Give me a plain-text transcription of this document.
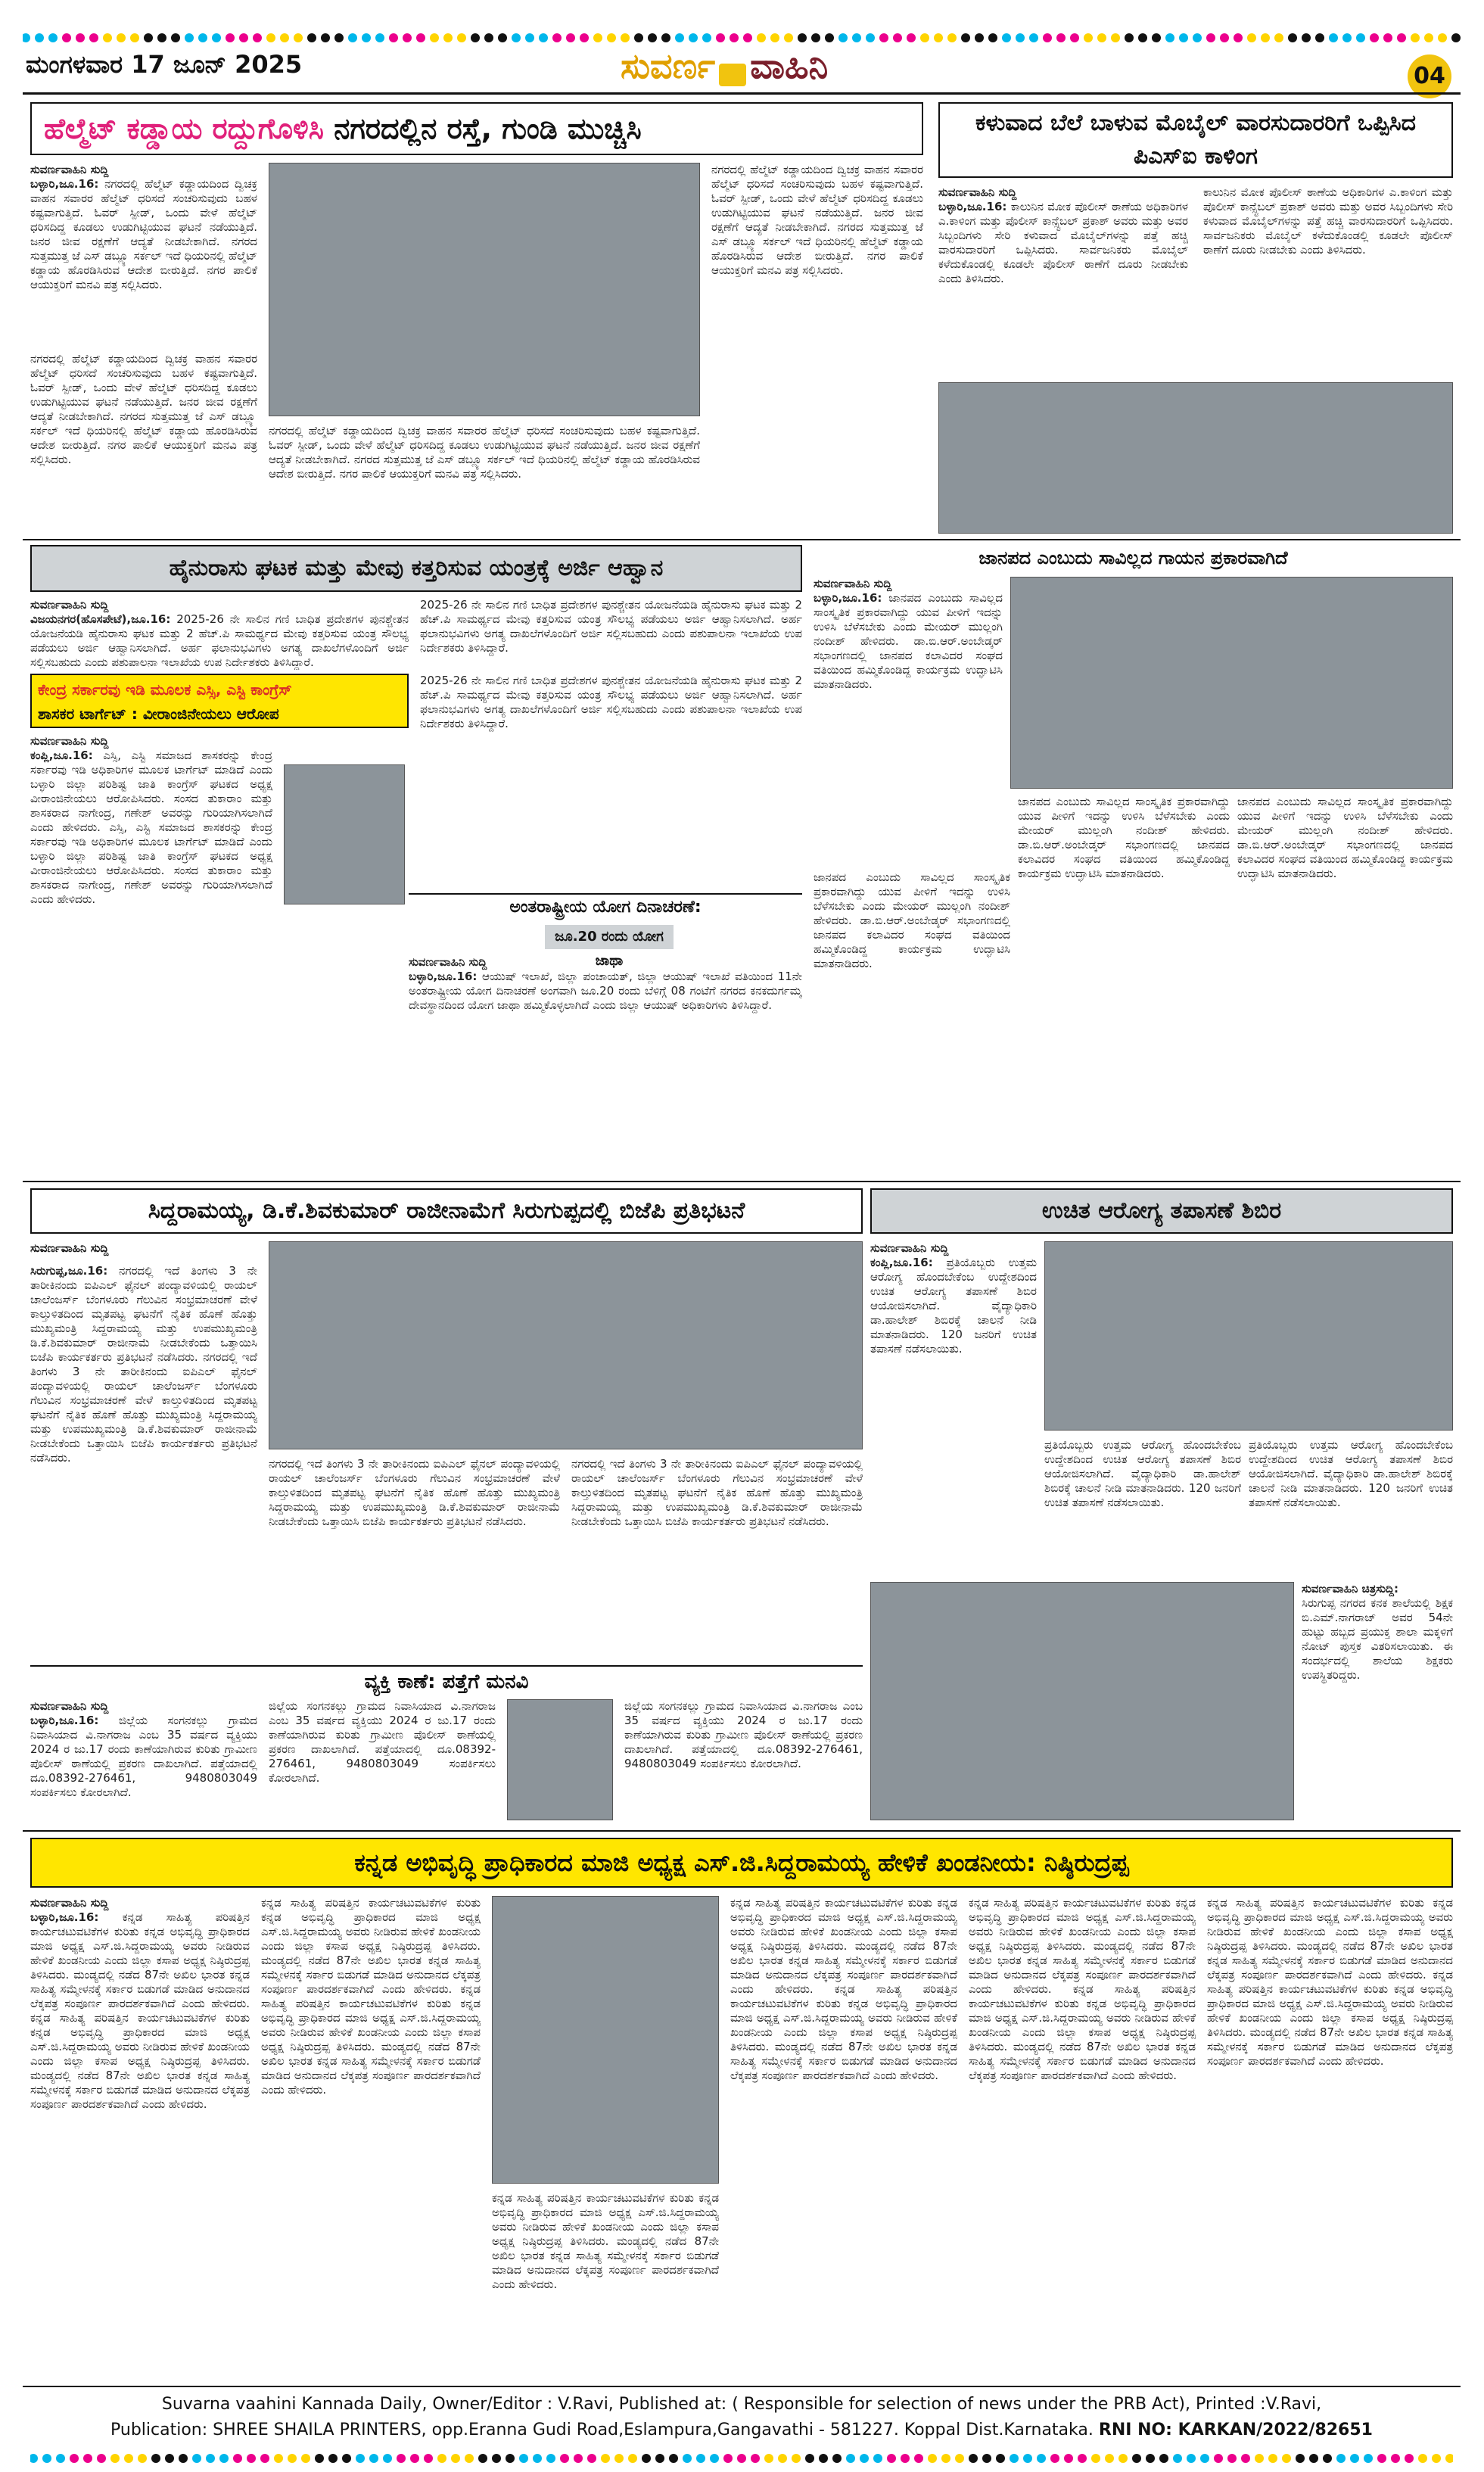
ಮಂಗಳವಾರ 17 ಜೂನ್ 2025	ಸುವರ್ಣ ವಾಹಿನಿ	04
ಹೆಲ್ಮೆಟ್ ಕಡ್ಡಾಯ ರದ್ದುಗೊಳಿಸಿ ನಗರದಲ್ಲಿನ ರಸ್ತೆ, ಗುಂಡಿ ಮುಚ್ಚಿಸಿ
ಸುವರ್ಣವಾಹಿನಿ ಸುದ್ದಿ
ಬಳ್ಳಾರಿ,ಜೂ.16: ನಗರದಲ್ಲಿ ಹೆಲ್ಮೆಟ್ ಕಡ್ಡಾಯದಿಂದ ದ್ವಿಚಕ್ರ ವಾಹನ ಸವಾರರ ಹೆಲ್ಮೆಟ್ ಧರಿಸದೆ ಸಂಚರಿಸುವುದು ಬಹಳ ಕಷ್ಟವಾಗುತ್ತಿದೆ. ಓವರ್ ಸ್ಪೀಡ್, ಒಂದು ವೇಳೆ ಹೆಲ್ಮೆಟ್ ಧರಿಸದಿದ್ದ ಕೂಡಲು ಉಡುಗಿಟ್ಟಿಯುವ ಘಟನೆ ನಡೆಯುತ್ತಿದೆ. ಜನರ ಜೀವ ರಕ್ಷಣೆಗೆ ಆದ್ಯತೆ ನೀಡಬೇಕಾಗಿದೆ. ನಗರದ ಸುತ್ತಮುತ್ತ ಜೆ ಎಸ್ ಡಬ್ಲ್ಯೂ ಸರ್ಕಲ್ ಇದೆ ಧಿಯರಿನಲ್ಲಿ ಹೆಲ್ಮೆಟ್ ಕಡ್ಡಾಯ ಹೊರಡಿಸಿರುವ ಆದೇಶ ಬೀರುತ್ತಿದೆ. ನಗರ ಪಾಲಿಕೆ ಆಯುಕ್ತರಿಗೆ ಮನವಿ ಪತ್ರ ಸಲ್ಲಿಸಿದರು.
ನಗರದಲ್ಲಿ ಹೆಲ್ಮೆಟ್ ಕಡ್ಡಾಯದಿಂದ ದ್ವಿಚಕ್ರ ವಾಹನ ಸವಾರರ ಹೆಲ್ಮೆಟ್ ಧರಿಸದೆ ಸಂಚರಿಸುವುದು ಬಹಳ ಕಷ್ಟವಾಗುತ್ತಿದೆ. ಓವರ್ ಸ್ಪೀಡ್, ಒಂದು ವೇಳೆ ಹೆಲ್ಮೆಟ್ ಧರಿಸದಿದ್ದ ಕೂಡಲು ಉಡುಗಿಟ್ಟಿಯುವ ಘಟನೆ ನಡೆಯುತ್ತಿದೆ. ಜನರ ಜೀವ ರಕ್ಷಣೆಗೆ ಆದ್ಯತೆ ನೀಡಬೇಕಾಗಿದೆ. ನಗರದ ಸುತ್ತಮುತ್ತ ಜೆ ಎಸ್ ಡಬ್ಲ್ಯೂ ಸರ್ಕಲ್ ಇದೆ ಧಿಯರಿನಲ್ಲಿ ಹೆಲ್ಮೆಟ್ ಕಡ್ಡಾಯ ಹೊರಡಿಸಿರುವ ಆದೇಶ ಬೀರುತ್ತಿದೆ. ನಗರ ಪಾಲಿಕೆ ಆಯುಕ್ತರಿಗೆ ಮನವಿ ಪತ್ರ ಸಲ್ಲಿಸಿದರು.
ನಗರದಲ್ಲಿ ಹೆಲ್ಮೆಟ್ ಕಡ್ಡಾಯದಿಂದ ದ್ವಿಚಕ್ರ ವಾಹನ ಸವಾರರ ಹೆಲ್ಮೆಟ್ ಧರಿಸದೆ ಸಂಚರಿಸುವುದು ಬಹಳ ಕಷ್ಟವಾಗುತ್ತಿದೆ. ಓವರ್ ಸ್ಪೀಡ್, ಒಂದು ವೇಳೆ ಹೆಲ್ಮೆಟ್ ಧರಿಸದಿದ್ದ ಕೂಡಲು ಉಡುಗಿಟ್ಟಿಯುವ ಘಟನೆ ನಡೆಯುತ್ತಿದೆ. ಜನರ ಜೀವ ರಕ್ಷಣೆಗೆ ಆದ್ಯತೆ ನೀಡಬೇಕಾಗಿದೆ. ನಗರದ ಸುತ್ತಮುತ್ತ ಜೆ ಎಸ್ ಡಬ್ಲ್ಯೂ ಸರ್ಕಲ್ ಇದೆ ಧಿಯರಿನಲ್ಲಿ ಹೆಲ್ಮೆಟ್ ಕಡ್ಡಾಯ ಹೊರಡಿಸಿರುವ ಆದೇಶ ಬೀರುತ್ತಿದೆ. ನಗರ ಪಾಲಿಕೆ ಆಯುಕ್ತರಿಗೆ ಮನವಿ ಪತ್ರ ಸಲ್ಲಿಸಿದರು.
ನಗರದಲ್ಲಿ ಹೆಲ್ಮೆಟ್ ಕಡ್ಡಾಯದಿಂದ ದ್ವಿಚಕ್ರ ವಾಹನ ಸವಾರರ ಹೆಲ್ಮೆಟ್ ಧರಿಸದೆ ಸಂಚರಿಸುವುದು ಬಹಳ ಕಷ್ಟವಾಗುತ್ತಿದೆ. ಓವರ್ ಸ್ಪೀಡ್, ಒಂದು ವೇಳೆ ಹೆಲ್ಮೆಟ್ ಧರಿಸದಿದ್ದ ಕೂಡಲು ಉಡುಗಿಟ್ಟಿಯುವ ಘಟನೆ ನಡೆಯುತ್ತಿದೆ. ಜನರ ಜೀವ ರಕ್ಷಣೆಗೆ ಆದ್ಯತೆ ನೀಡಬೇಕಾಗಿದೆ. ನಗರದ ಸುತ್ತಮುತ್ತ ಜೆ ಎಸ್ ಡಬ್ಲ್ಯೂ ಸರ್ಕಲ್ ಇದೆ ಧಿಯರಿನಲ್ಲಿ ಹೆಲ್ಮೆಟ್ ಕಡ್ಡಾಯ ಹೊರಡಿಸಿರುವ ಆದೇಶ ಬೀರುತ್ತಿದೆ. ನಗರ ಪಾಲಿಕೆ ಆಯುಕ್ತರಿಗೆ ಮನವಿ ಪತ್ರ ಸಲ್ಲಿಸಿದರು.
ಕಳುವಾದ ಬೆಲೆ ಬಾಳುವ ಮೊಬೈಲ್ ವಾರಸುದಾರರಿಗೆ ಒಪ್ಪಿಸಿದ ಪಿಎಸ್ಐ ಕಾಳಿಂಗ
ಸುವರ್ಣವಾಹಿನಿ ಸುದ್ದಿ
ಬಳ್ಳಾರಿ,ಜೂ.16: ಕಾಲುನಿನ ಮೋಕ ಪೊಲೀಸ್ ಠಾಣೆಯ ಅಧಿಕಾರಿಗಳ ಎ.ಕಾಳಿಂಗ ಮತ್ತು ಪೊಲೀಸ್ ಕಾನ್ಸ್ಟೆಬಲ್ ಪ್ರಕಾಶ್ ಅವರು ಮತ್ತು ಅವರ ಸಿಬ್ಬಂದಿಗಳು ಸೇರಿ ಕಳುವಾದ ಮೊಬೈಲ್‌ಗಳನ್ನು ಪತ್ತೆ ಹಚ್ಚಿ ವಾರಸುದಾರರಿಗೆ ಒಪ್ಪಿಸಿದರು. ಸಾರ್ವಜನಿಕರು ಮೊಬೈಲ್ ಕಳೆದುಕೊಂಡಲ್ಲಿ ಕೂಡಲೇ ಪೊಲೀಸ್ ಠಾಣೆಗೆ ದೂರು ನೀಡಬೇಕು ಎಂದು ತಿಳಿಸಿದರು.
ಕಾಲುನಿನ ಮೋಕ ಪೊಲೀಸ್ ಠಾಣೆಯ ಅಧಿಕಾರಿಗಳ ಎ.ಕಾಳಿಂಗ ಮತ್ತು ಪೊಲೀಸ್ ಕಾನ್ಸ್ಟೆಬಲ್ ಪ್ರಕಾಶ್ ಅವರು ಮತ್ತು ಅವರ ಸಿಬ್ಬಂದಿಗಳು ಸೇರಿ ಕಳುವಾದ ಮೊಬೈಲ್‌ಗಳನ್ನು ಪತ್ತೆ ಹಚ್ಚಿ ವಾರಸುದಾರರಿಗೆ ಒಪ್ಪಿಸಿದರು. ಸಾರ್ವಜನಿಕರು ಮೊಬೈಲ್ ಕಳೆದುಕೊಂಡಲ್ಲಿ ಕೂಡಲೇ ಪೊಲೀಸ್ ಠಾಣೆಗೆ ದೂರು ನೀಡಬೇಕು ಎಂದು ತಿಳಿಸಿದರು.
ಹೈನುರಾಸು ಘಟಕ ಮತ್ತು ಮೇವು ಕತ್ತರಿಸುವ ಯಂತ್ರಕ್ಕೆ ಅರ್ಜಿ ಆಹ್ವಾನ
ಸುವರ್ಣವಾಹಿನಿ ಸುದ್ದಿ
ವಿಜಯನಗರ(ಹೊಸಪೇಟೆ),ಜೂ.16: 2025-26 ನೇ ಸಾಲಿನ ಗಣಿ ಬಾಧಿತ ಪ್ರದೇಶಗಳ ಪುನಶ್ಚೇತನ ಯೋಜನೆಯಡಿ ಹೈನುರಾಸು ಘಟಕ ಮತ್ತು 2 ಹೆಚ್.ಪಿ ಸಾಮರ್ಥ್ಯದ ಮೇವು ಕತ್ತರಿಸುವ ಯಂತ್ರ ಸೌಲಭ್ಯ ಪಡೆಯಲು ಅರ್ಜಿ ಆಹ್ವಾನಿಸಲಾಗಿದೆ. ಅರ್ಹ ಫಲಾನುಭವಿಗಳು ಅಗತ್ಯ ದಾಖಲೆಗಳೊಂದಿಗೆ ಅರ್ಜಿ ಸಲ್ಲಿಸಬಹುದು ಎಂದು ಪಶುಪಾಲನಾ ಇಲಾಖೆಯ ಉಪ ನಿರ್ದೇಶಕರು ತಿಳಿಸಿದ್ದಾರೆ.
2025-26 ನೇ ಸಾಲಿನ ಗಣಿ ಬಾಧಿತ ಪ್ರದೇಶಗಳ ಪುನಶ್ಚೇತನ ಯೋಜನೆಯಡಿ ಹೈನುರಾಸು ಘಟಕ ಮತ್ತು 2 ಹೆಚ್.ಪಿ ಸಾಮರ್ಥ್ಯದ ಮೇವು ಕತ್ತರಿಸುವ ಯಂತ್ರ ಸೌಲಭ್ಯ ಪಡೆಯಲು ಅರ್ಜಿ ಆಹ್ವಾನಿಸಲಾಗಿದೆ. ಅರ್ಹ ಫಲಾನುಭವಿಗಳು ಅಗತ್ಯ ದಾಖಲೆಗಳೊಂದಿಗೆ ಅರ್ಜಿ ಸಲ್ಲಿಸಬಹುದು ಎಂದು ಪಶುಪಾಲನಾ ಇಲಾಖೆಯ ಉಪ ನಿರ್ದೇಶಕರು ತಿಳಿಸಿದ್ದಾರೆ.
2025-26 ನೇ ಸಾಲಿನ ಗಣಿ ಬಾಧಿತ ಪ್ರದೇಶಗಳ ಪುನಶ್ಚೇತನ ಯೋಜನೆಯಡಿ ಹೈನುರಾಸು ಘಟಕ ಮತ್ತು 2 ಹೆಚ್.ಪಿ ಸಾಮರ್ಥ್ಯದ ಮೇವು ಕತ್ತರಿಸುವ ಯಂತ್ರ ಸೌಲಭ್ಯ ಪಡೆಯಲು ಅರ್ಜಿ ಆಹ್ವಾನಿಸಲಾಗಿದೆ. ಅರ್ಹ ಫಲಾನುಭವಿಗಳು ಅಗತ್ಯ ದಾಖಲೆಗಳೊಂದಿಗೆ ಅರ್ಜಿ ಸಲ್ಲಿಸಬಹುದು ಎಂದು ಪಶುಪಾಲನಾ ಇಲಾಖೆಯ ಉಪ ನಿರ್ದೇಶಕರು ತಿಳಿಸಿದ್ದಾರೆ.
ಕೇಂದ್ರ ಸರ್ಕಾರವು ಇಡಿ ಮೂಲಕ ಎಸ್ಸಿ, ಎಸ್ಟಿ ಕಾಂಗ್ರೆಸ್
ಶಾಸಕರ ಟಾರ್ಗೆಟ್ : ವೀರಾಂಜಿನೇಯಲು ಆರೋಪ
ಸುವರ್ಣವಾಹಿನಿ ಸುದ್ದಿ
ಕಂಪ್ಲಿ,ಜೂ.16: ಎಸ್ಸಿ, ಎಸ್ಟಿ ಸಮಾಜದ ಶಾಸಕರನ್ನು ಕೇಂದ್ರ ಸರ್ಕಾರವು ಇಡಿ ಅಧಿಕಾರಿಗಳ ಮೂಲಕ ಟಾರ್ಗೆಟ್ ಮಾಡಿದೆ ಎಂದು ಬಳ್ಳಾರಿ ಜಿಲ್ಲಾ ಪರಿಶಿಷ್ಟ ಜಾತಿ ಕಾಂಗ್ರೆಸ್ ಘಟಕದ ಅಧ್ಯಕ್ಷ ವೀರಾಂಜಿನೇಯಲು ಆರೋಪಿಸಿದರು. ಸಂಸದ ತುಕಾರಾಂ ಮತ್ತು ಶಾಸಕರಾದ ನಾಗೇಂದ್ರ, ಗಣೇಶ್ ಅವರನ್ನು ಗುರಿಯಾಗಿಸಲಾಗಿದೆ ಎಂದು ಹೇಳಿದರು. ಎಸ್ಸಿ, ಎಸ್ಟಿ ಸಮಾಜದ ಶಾಸಕರನ್ನು ಕೇಂದ್ರ ಸರ್ಕಾರವು ಇಡಿ ಅಧಿಕಾರಿಗಳ ಮೂಲಕ ಟಾರ್ಗೆಟ್ ಮಾಡಿದೆ ಎಂದು ಬಳ್ಳಾರಿ ಜಿಲ್ಲಾ ಪರಿಶಿಷ್ಟ ಜಾತಿ ಕಾಂಗ್ರೆಸ್ ಘಟಕದ ಅಧ್ಯಕ್ಷ ವೀರಾಂಜಿನೇಯಲು ಆರೋಪಿಸಿದರು. ಸಂಸದ ತುಕಾರಾಂ ಮತ್ತು ಶಾಸಕರಾದ ನಾಗೇಂದ್ರ, ಗಣೇಶ್ ಅವರನ್ನು ಗುರಿಯಾಗಿಸಲಾಗಿದೆ ಎಂದು ಹೇಳಿದರು.	ಅಂತರಾಷ್ಟ್ರೀಯ ಯೋಗ ದಿನಾಚರಣೆ:
ಜೂ.20 ರಂದು ಯೋಗ ಜಾಥಾ
ಸುವರ್ಣವಾಹಿನಿ ಸುದ್ದಿ
ಬಳ್ಳಾರಿ,ಜೂ.16: ಆಯುಷ್ ಇಲಾಖೆ, ಜಿಲ್ಲಾ ಪಂಚಾಯತ್, ಜಿಲ್ಲಾ ಆಯುಷ್ ಇಲಾಖೆ ವತಿಯಿಂದ 11ನೇ ಅಂತರಾಷ್ಟ್ರೀಯ ಯೋಗ ದಿನಾಚರಣೆ ಅಂಗವಾಗಿ ಜೂ.20 ರಂದು ಬೆಳಿಗ್ಗೆ 08 ಗಂಟೆಗೆ ನಗರದ ಕನಕದುರ್ಗಮ್ಮ ದೇವಸ್ಥಾನದಿಂದ ಯೋಗ ಜಾಥಾ ಹಮ್ಮಿಕೊಳ್ಳಲಾಗಿದೆ ಎಂದು ಜಿಲ್ಲಾ ಆಯುಷ್ ಅಧಿಕಾರಿಗಳು ತಿಳಿಸಿದ್ದಾರೆ.
ಜಾನಪದ ಎಂಬುದು ಸಾವಿಲ್ಲದ ಗಾಯನ ಪ್ರಕಾರವಾಗಿದೆ
ಸುವರ್ಣವಾಹಿನಿ ಸುದ್ದಿ
ಬಳ್ಳಾರಿ,ಜೂ.16: ಜಾನಪದ ಎಂಬುದು ಸಾವಿಲ್ಲದ ಸಾಂಸ್ಕೃತಿಕ ಪ್ರಕಾರವಾಗಿದ್ದು ಯುವ ಪೀಳಿಗೆ ಇದನ್ನು ಉಳಿಸಿ ಬೆಳೆಸಬೇಕು ಎಂದು ಮೇಯರ್ ಮುಲ್ಲಂಗಿ ನಂದೀಶ್ ಹೇಳಿದರು. ಡಾ.ಬಿ.ಆರ್.ಅಂಬೇಡ್ಕರ್ ಸಭಾಂಗಣದಲ್ಲಿ ಜಾನಪದ ಕಲಾವಿದರ ಸಂಘದ ವತಿಯಿಂದ ಹಮ್ಮಿಕೊಂಡಿದ್ದ ಕಾರ್ಯಕ್ರಮ ಉದ್ಘಾಟಿಸಿ ಮಾತನಾಡಿದರು.
ಜಾನಪದ ಎಂಬುದು ಸಾವಿಲ್ಲದ ಸಾಂಸ್ಕೃತಿಕ ಪ್ರಕಾರವಾಗಿದ್ದು ಯುವ ಪೀಳಿಗೆ ಇದನ್ನು ಉಳಿಸಿ ಬೆಳೆಸಬೇಕು ಎಂದು ಮೇಯರ್ ಮುಲ್ಲಂಗಿ ನಂದೀಶ್ ಹೇಳಿದರು. ಡಾ.ಬಿ.ಆರ್.ಅಂಬೇಡ್ಕರ್ ಸಭಾಂಗಣದಲ್ಲಿ ಜಾನಪದ ಕಲಾವಿದರ ಸಂಘದ ವತಿಯಿಂದ ಹಮ್ಮಿಕೊಂಡಿದ್ದ ಕಾರ್ಯಕ್ರಮ ಉದ್ಘಾಟಿಸಿ ಮಾತನಾಡಿದರು.
ಜಾನಪದ ಎಂಬುದು ಸಾವಿಲ್ಲದ ಸಾಂಸ್ಕೃತಿಕ ಪ್ರಕಾರವಾಗಿದ್ದು ಯುವ ಪೀಳಿಗೆ ಇದನ್ನು ಉಳಿಸಿ ಬೆಳೆಸಬೇಕು ಎಂದು ಮೇಯರ್ ಮುಲ್ಲಂಗಿ ನಂದೀಶ್ ಹೇಳಿದರು. ಡಾ.ಬಿ.ಆರ್.ಅಂಬೇಡ್ಕರ್ ಸಭಾಂಗಣದಲ್ಲಿ ಜಾನಪದ ಕಲಾವಿದರ ಸಂಘದ ವತಿಯಿಂದ ಹಮ್ಮಿಕೊಂಡಿದ್ದ ಕಾರ್ಯಕ್ರಮ ಉದ್ಘಾಟಿಸಿ ಮಾತನಾಡಿದರು.
ಜಾನಪದ ಎಂಬುದು ಸಾವಿಲ್ಲದ ಸಾಂಸ್ಕೃತಿಕ ಪ್ರಕಾರವಾಗಿದ್ದು ಯುವ ಪೀಳಿಗೆ ಇದನ್ನು ಉಳಿಸಿ ಬೆಳೆಸಬೇಕು ಎಂದು ಮೇಯರ್ ಮುಲ್ಲಂಗಿ ನಂದೀಶ್ ಹೇಳಿದರು. ಡಾ.ಬಿ.ಆರ್.ಅಂಬೇಡ್ಕರ್ ಸಭಾಂಗಣದಲ್ಲಿ ಜಾನಪದ ಕಲಾವಿದರ ಸಂಘದ ವತಿಯಿಂದ ಹಮ್ಮಿಕೊಂಡಿದ್ದ ಕಾರ್ಯಕ್ರಮ ಉದ್ಘಾಟಿಸಿ ಮಾತನಾಡಿದರು.
ಸಿದ್ದರಾಮಯ್ಯ, ಡಿ.ಕೆ.ಶಿವಕುಮಾರ್ ರಾಜೀನಾಮೆಗೆ ಸಿರುಗುಪ್ಪದಲ್ಲಿ ಬಿಜೆಪಿ ಪ್ರತಿಭಟನೆ
ಸುವರ್ಣವಾಹಿನಿ ಸುದ್ದಿ
ಸಿರುಗುಪ್ಪ,ಜೂ.16: ನಗರದಲ್ಲಿ ಇದೆ ತಿಂಗಳು 3 ನೇ ತಾರೀಕಿನಂದು ಐಪಿಎಲ್ ಫೈನಲ್ ಪಂದ್ಯಾವಳಿಯಲ್ಲಿ ರಾಯಲ್ ಚಾಲೆಂಜರ್ಸ್ ಬೆಂಗಳೂರು ಗೆಲುವಿನ ಸಂಭ್ರಮಾಚರಣೆ ವೇಳೆ ಕಾಲ್ತುಳಿತದಿಂದ ಮೃತಪಟ್ಟ ಘಟನೆಗೆ ನೈತಿಕ ಹೊಣೆ ಹೊತ್ತು ಮುಖ್ಯಮಂತ್ರಿ ಸಿದ್ದರಾಮಯ್ಯ ಮತ್ತು ಉಪಮುಖ್ಯಮಂತ್ರಿ ಡಿ.ಕೆ.ಶಿವಕುಮಾರ್ ರಾಜೀನಾಮೆ ನೀಡಬೇಕೆಂದು ಒತ್ತಾಯಿಸಿ ಬಿಜೆಪಿ ಕಾರ್ಯಕರ್ತರು ಪ್ರತಿಭಟನೆ ನಡೆಸಿದರು. ನಗರದಲ್ಲಿ ಇದೆ ತಿಂಗಳು 3 ನೇ ತಾರೀಕಿನಂದು ಐಪಿಎಲ್ ಫೈನಲ್ ಪಂದ್ಯಾವಳಿಯಲ್ಲಿ ರಾಯಲ್ ಚಾಲೆಂಜರ್ಸ್ ಬೆಂಗಳೂರು ಗೆಲುವಿನ ಸಂಭ್ರಮಾಚರಣೆ ವೇಳೆ ಕಾಲ್ತುಳಿತದಿಂದ ಮೃತಪಟ್ಟ ಘಟನೆಗೆ ನೈತಿಕ ಹೊಣೆ ಹೊತ್ತು ಮುಖ್ಯಮಂತ್ರಿ ಸಿದ್ದರಾಮಯ್ಯ ಮತ್ತು ಉಪಮುಖ್ಯಮಂತ್ರಿ ಡಿ.ಕೆ.ಶಿವಕುಮಾರ್ ರಾಜೀನಾಮೆ ನೀಡಬೇಕೆಂದು ಒತ್ತಾಯಿಸಿ ಬಿಜೆಪಿ ಕಾರ್ಯಕರ್ತರು ಪ್ರತಿಭಟನೆ ನಡೆಸಿದರು.	ನಗರದಲ್ಲಿ ಇದೆ ತಿಂಗಳು 3 ನೇ ತಾರೀಕಿನಂದು ಐಪಿಎಲ್ ಫೈನಲ್ ಪಂದ್ಯಾವಳಿಯಲ್ಲಿ ರಾಯಲ್ ಚಾಲೆಂಜರ್ಸ್ ಬೆಂಗಳೂರು ಗೆಲುವಿನ ಸಂಭ್ರಮಾಚರಣೆ ವೇಳೆ ಕಾಲ್ತುಳಿತದಿಂದ ಮೃತಪಟ್ಟ ಘಟನೆಗೆ ನೈತಿಕ ಹೊಣೆ ಹೊತ್ತು ಮುಖ್ಯಮಂತ್ರಿ ಸಿದ್ದರಾಮಯ್ಯ ಮತ್ತು ಉಪಮುಖ್ಯಮಂತ್ರಿ ಡಿ.ಕೆ.ಶಿವಕುಮಾರ್ ರಾಜೀನಾಮೆ ನೀಡಬೇಕೆಂದು ಒತ್ತಾಯಿಸಿ ಬಿಜೆಪಿ ಕಾರ್ಯಕರ್ತರು ಪ್ರತಿಭಟನೆ ನಡೆಸಿದರು.
ನಗರದಲ್ಲಿ ಇದೆ ತಿಂಗಳು 3 ನೇ ತಾರೀಕಿನಂದು ಐಪಿಎಲ್ ಫೈನಲ್ ಪಂದ್ಯಾವಳಿಯಲ್ಲಿ ರಾಯಲ್ ಚಾಲೆಂಜರ್ಸ್ ಬೆಂಗಳೂರು ಗೆಲುವಿನ ಸಂಭ್ರಮಾಚರಣೆ ವೇಳೆ ಕಾಲ್ತುಳಿತದಿಂದ ಮೃತಪಟ್ಟ ಘಟನೆಗೆ ನೈತಿಕ ಹೊಣೆ ಹೊತ್ತು ಮುಖ್ಯಮಂತ್ರಿ ಸಿದ್ದರಾಮಯ್ಯ ಮತ್ತು ಉಪಮುಖ್ಯಮಂತ್ರಿ ಡಿ.ಕೆ.ಶಿವಕುಮಾರ್ ರಾಜೀನಾಮೆ ನೀಡಬೇಕೆಂದು ಒತ್ತಾಯಿಸಿ ಬಿಜೆಪಿ ಕಾರ್ಯಕರ್ತರು ಪ್ರತಿಭಟನೆ ನಡೆಸಿದರು.
ವ್ಯಕ್ತಿ ಕಾಣೆ: ಪತ್ತೆಗೆ ಮನವಿ
ಸುವರ್ಣವಾಹಿನಿ ಸುದ್ದಿ
ಬಳ್ಳಾರಿ,ಜೂ.16: ಜಿಲ್ಲೆಯ ಸಂಗನಕಲ್ಲು ಗ್ರಾಮದ ನಿವಾಸಿಯಾದ ವಿ.ನಾಗರಾಜ ಎಂಬ 35 ವರ್ಷದ ವ್ಯಕ್ತಿಯು 2024 ರ ಜು.17 ರಂದು ಕಾಣೆಯಾಗಿರುವ ಕುರಿತು ಗ್ರಾಮೀಣ ಪೊಲೀಸ್ ಠಾಣೆಯಲ್ಲಿ ಪ್ರಕರಣ ದಾಖಲಾಗಿದೆ. ಪತ್ತೆಯಾದಲ್ಲಿ ದೂ.08392-276461, 9480803049 ಸಂಪರ್ಕಿಸಲು ಕೋರಲಾಗಿದೆ.
ಜಿಲ್ಲೆಯ ಸಂಗನಕಲ್ಲು ಗ್ರಾಮದ ನಿವಾಸಿಯಾದ ವಿ.ನಾಗರಾಜ ಎಂಬ 35 ವರ್ಷದ ವ್ಯಕ್ತಿಯು 2024 ರ ಜು.17 ರಂದು ಕಾಣೆಯಾಗಿರುವ ಕುರಿತು ಗ್ರಾಮೀಣ ಪೊಲೀಸ್ ಠಾಣೆಯಲ್ಲಿ ಪ್ರಕರಣ ದಾಖಲಾಗಿದೆ. ಪತ್ತೆಯಾದಲ್ಲಿ ದೂ.08392-276461, 9480803049 ಸಂಪರ್ಕಿಸಲು ಕೋರಲಾಗಿದೆ.
ಜಿಲ್ಲೆಯ ಸಂಗನಕಲ್ಲು ಗ್ರಾಮದ ನಿವಾಸಿಯಾದ ವಿ.ನಾಗರಾಜ ಎಂಬ 35 ವರ್ಷದ ವ್ಯಕ್ತಿಯು 2024 ರ ಜು.17 ರಂದು ಕಾಣೆಯಾಗಿರುವ ಕುರಿತು ಗ್ರಾಮೀಣ ಪೊಲೀಸ್ ಠಾಣೆಯಲ್ಲಿ ಪ್ರಕರಣ ದಾಖಲಾಗಿದೆ. ಪತ್ತೆಯಾದಲ್ಲಿ ದೂ.08392-276461, 9480803049 ಸಂಪರ್ಕಿಸಲು ಕೋರಲಾಗಿದೆ.
ಉಚಿತ ಆರೋಗ್ಯ ತಪಾಸಣೆ ಶಿಬಿರ
ಸುವರ್ಣವಾಹಿನಿ ಸುದ್ದಿ
ಕಂಪ್ಲಿ,ಜೂ.16: ಪ್ರತಿಯೊಬ್ಬರು ಉತ್ತಮ ಆರೋಗ್ಯ ಹೊಂದಬೇಕೆಂಬ ಉದ್ದೇಶದಿಂದ ಉಚಿತ ಆರೋಗ್ಯ ತಪಾಸಣೆ ಶಿಬಿರ ಆಯೋಜಿಸಲಾಗಿದೆ. ವೈದ್ಯಾಧಿಕಾರಿ ಡಾ.ಹಾಲೇಶ್ ಶಿಬಿರಕ್ಕೆ ಚಾಲನೆ ನೀಡಿ ಮಾತನಾಡಿದರು. 120 ಜನರಿಗೆ ಉಚಿತ ತಪಾಸಣೆ ನಡೆಸಲಾಯಿತು.
ಪ್ರತಿಯೊಬ್ಬರು ಉತ್ತಮ ಆರೋಗ್ಯ ಹೊಂದಬೇಕೆಂಬ ಉದ್ದೇಶದಿಂದ ಉಚಿತ ಆರೋಗ್ಯ ತಪಾಸಣೆ ಶಿಬಿರ ಆಯೋಜಿಸಲಾಗಿದೆ. ವೈದ್ಯಾಧಿಕಾರಿ ಡಾ.ಹಾಲೇಶ್ ಶಿಬಿರಕ್ಕೆ ಚಾಲನೆ ನೀಡಿ ಮಾತನಾಡಿದರು. 120 ಜನರಿಗೆ ಉಚಿತ ತಪಾಸಣೆ ನಡೆಸಲಾಯಿತು.
ಪ್ರತಿಯೊಬ್ಬರು ಉತ್ತಮ ಆರೋಗ್ಯ ಹೊಂದಬೇಕೆಂಬ ಉದ್ದೇಶದಿಂದ ಉಚಿತ ಆರೋಗ್ಯ ತಪಾಸಣೆ ಶಿಬಿರ ಆಯೋಜಿಸಲಾಗಿದೆ. ವೈದ್ಯಾಧಿಕಾರಿ ಡಾ.ಹಾಲೇಶ್ ಶಿಬಿರಕ್ಕೆ ಚಾಲನೆ ನೀಡಿ ಮಾತನಾಡಿದರು. 120 ಜನರಿಗೆ ಉಚಿತ ತಪಾಸಣೆ ನಡೆಸಲಾಯಿತು.
ಸುವರ್ಣವಾಹಿನಿ ಚಿತ್ರಸುದ್ದಿ:
ಸಿರುಗುಪ್ಪ ನಗರದ ಕನಕ ಶಾಲೆಯಲ್ಲಿ ಶಿಕ್ಷಕ ಬಿ.ಎಮ್.ನಾಗರಾಜ್ ಅವರ 54ನೇ ಹುಟ್ಟು ಹಬ್ಬದ ಪ್ರಯುಕ್ತ ಶಾಲಾ ಮಕ್ಕಳಿಗೆ ನೋಟ್ ಪುಸ್ತಕ ವಿತರಿಸಲಾಯಿತು. ಈ ಸಂದರ್ಭದಲ್ಲಿ ಶಾಲೆಯ ಶಿಕ್ಷಕರು ಉಪಸ್ಥಿತರಿದ್ದರು.
ಕನ್ನಡ ಅಭಿವೃದ್ಧಿ ಪ್ರಾಧಿಕಾರದ ಮಾಜಿ ಅಧ್ಯಕ್ಷ ಎಸ್.ಜಿ.ಸಿದ್ದರಾಮಯ್ಯ ಹೇಳಿಕೆ ಖಂಡನೀಯ: ನಿಷ್ಠಿರುದ್ರಪ್ಪ
ಸುವರ್ಣವಾಹಿನಿ ಸುದ್ದಿ
ಬಳ್ಳಾರಿ,ಜೂ.16: ಕನ್ನಡ ಸಾಹಿತ್ಯ ಪರಿಷತ್ತಿನ ಕಾರ್ಯಚಟುವಟಿಕೆಗಳ ಕುರಿತು ಕನ್ನಡ ಅಭಿವೃದ್ಧಿ ಪ್ರಾಧಿಕಾರದ ಮಾಜಿ ಅಧ್ಯಕ್ಷ ಎಸ್.ಜಿ.ಸಿದ್ದರಾಮಯ್ಯ ಅವರು ನೀಡಿರುವ ಹೇಳಿಕೆ ಖಂಡನೀಯ ಎಂದು ಜಿಲ್ಲಾ ಕಸಾಪ ಅಧ್ಯಕ್ಷ ನಿಷ್ಠಿರುದ್ರಪ್ಪ ತಿಳಿಸಿದರು. ಮಂಡ್ಯದಲ್ಲಿ ನಡೆದ 87ನೇ ಅಖಿಲ ಭಾರತ ಕನ್ನಡ ಸಾಹಿತ್ಯ ಸಮ್ಮೇಳನಕ್ಕೆ ಸರ್ಕಾರ ಬಿಡುಗಡೆ ಮಾಡಿದ ಅನುದಾನದ ಲೆಕ್ಕಪತ್ರ ಸಂಪೂರ್ಣ ಪಾರದರ್ಶಕವಾಗಿದೆ ಎಂದು ಹೇಳಿದರು. ಕನ್ನಡ ಸಾಹಿತ್ಯ ಪರಿಷತ್ತಿನ ಕಾರ್ಯಚಟುವಟಿಕೆಗಳ ಕುರಿತು ಕನ್ನಡ ಅಭಿವೃದ್ಧಿ ಪ್ರಾಧಿಕಾರದ ಮಾಜಿ ಅಧ್ಯಕ್ಷ ಎಸ್.ಜಿ.ಸಿದ್ದರಾಮಯ್ಯ ಅವರು ನೀಡಿರುವ ಹೇಳಿಕೆ ಖಂಡನೀಯ ಎಂದು ಜಿಲ್ಲಾ ಕಸಾಪ ಅಧ್ಯಕ್ಷ ನಿಷ್ಠಿರುದ್ರಪ್ಪ ತಿಳಿಸಿದರು. ಮಂಡ್ಯದಲ್ಲಿ ನಡೆದ 87ನೇ ಅಖಿಲ ಭಾರತ ಕನ್ನಡ ಸಾಹಿತ್ಯ ಸಮ್ಮೇಳನಕ್ಕೆ ಸರ್ಕಾರ ಬಿಡುಗಡೆ ಮಾಡಿದ ಅನುದಾನದ ಲೆಕ್ಕಪತ್ರ ಸಂಪೂರ್ಣ ಪಾರದರ್ಶಕವಾಗಿದೆ ಎಂದು ಹೇಳಿದರು.
ಕನ್ನಡ ಸಾಹಿತ್ಯ ಪರಿಷತ್ತಿನ ಕಾರ್ಯಚಟುವಟಿಕೆಗಳ ಕುರಿತು ಕನ್ನಡ ಅಭಿವೃದ್ಧಿ ಪ್ರಾಧಿಕಾರದ ಮಾಜಿ ಅಧ್ಯಕ್ಷ ಎಸ್.ಜಿ.ಸಿದ್ದರಾಮಯ್ಯ ಅವರು ನೀಡಿರುವ ಹೇಳಿಕೆ ಖಂಡನೀಯ ಎಂದು ಜಿಲ್ಲಾ ಕಸಾಪ ಅಧ್ಯಕ್ಷ ನಿಷ್ಠಿರುದ್ರಪ್ಪ ತಿಳಿಸಿದರು. ಮಂಡ್ಯದಲ್ಲಿ ನಡೆದ 87ನೇ ಅಖಿಲ ಭಾರತ ಕನ್ನಡ ಸಾಹಿತ್ಯ ಸಮ್ಮೇಳನಕ್ಕೆ ಸರ್ಕಾರ ಬಿಡುಗಡೆ ಮಾಡಿದ ಅನುದಾನದ ಲೆಕ್ಕಪತ್ರ ಸಂಪೂರ್ಣ ಪಾರದರ್ಶಕವಾಗಿದೆ ಎಂದು ಹೇಳಿದರು. ಕನ್ನಡ ಸಾಹಿತ್ಯ ಪರಿಷತ್ತಿನ ಕಾರ್ಯಚಟುವಟಿಕೆಗಳ ಕುರಿತು ಕನ್ನಡ ಅಭಿವೃದ್ಧಿ ಪ್ರಾಧಿಕಾರದ ಮಾಜಿ ಅಧ್ಯಕ್ಷ ಎಸ್.ಜಿ.ಸಿದ್ದರಾಮಯ್ಯ ಅವರು ನೀಡಿರುವ ಹೇಳಿಕೆ ಖಂಡನೀಯ ಎಂದು ಜಿಲ್ಲಾ ಕಸಾಪ ಅಧ್ಯಕ್ಷ ನಿಷ್ಠಿರುದ್ರಪ್ಪ ತಿಳಿಸಿದರು. ಮಂಡ್ಯದಲ್ಲಿ ನಡೆದ 87ನೇ ಅಖಿಲ ಭಾರತ ಕನ್ನಡ ಸಾಹಿತ್ಯ ಸಮ್ಮೇಳನಕ್ಕೆ ಸರ್ಕಾರ ಬಿಡುಗಡೆ ಮಾಡಿದ ಅನುದಾನದ ಲೆಕ್ಕಪತ್ರ ಸಂಪೂರ್ಣ ಪಾರದರ್ಶಕವಾಗಿದೆ ಎಂದು ಹೇಳಿದರು.
ಕನ್ನಡ ಸಾಹಿತ್ಯ ಪರಿಷತ್ತಿನ ಕಾರ್ಯಚಟುವಟಿಕೆಗಳ ಕುರಿತು ಕನ್ನಡ ಅಭಿವೃದ್ಧಿ ಪ್ರಾಧಿಕಾರದ ಮಾಜಿ ಅಧ್ಯಕ್ಷ ಎಸ್.ಜಿ.ಸಿದ್ದರಾಮಯ್ಯ ಅವರು ನೀಡಿರುವ ಹೇಳಿಕೆ ಖಂಡನೀಯ ಎಂದು ಜಿಲ್ಲಾ ಕಸಾಪ ಅಧ್ಯಕ್ಷ ನಿಷ್ಠಿರುದ್ರಪ್ಪ ತಿಳಿಸಿದರು. ಮಂಡ್ಯದಲ್ಲಿ ನಡೆದ 87ನೇ ಅಖಿಲ ಭಾರತ ಕನ್ನಡ ಸಾಹಿತ್ಯ ಸಮ್ಮೇಳನಕ್ಕೆ ಸರ್ಕಾರ ಬಿಡುಗಡೆ ಮಾಡಿದ ಅನುದಾನದ ಲೆಕ್ಕಪತ್ರ ಸಂಪೂರ್ಣ ಪಾರದರ್ಶಕವಾಗಿದೆ ಎಂದು ಹೇಳಿದರು.
ಕನ್ನಡ ಸಾಹಿತ್ಯ ಪರಿಷತ್ತಿನ ಕಾರ್ಯಚಟುವಟಿಕೆಗಳ ಕುರಿತು ಕನ್ನಡ ಅಭಿವೃದ್ಧಿ ಪ್ರಾಧಿಕಾರದ ಮಾಜಿ ಅಧ್ಯಕ್ಷ ಎಸ್.ಜಿ.ಸಿದ್ದರಾಮಯ್ಯ ಅವರು ನೀಡಿರುವ ಹೇಳಿಕೆ ಖಂಡನೀಯ ಎಂದು ಜಿಲ್ಲಾ ಕಸಾಪ ಅಧ್ಯಕ್ಷ ನಿಷ್ಠಿರುದ್ರಪ್ಪ ತಿಳಿಸಿದರು. ಮಂಡ್ಯದಲ್ಲಿ ನಡೆದ 87ನೇ ಅಖಿಲ ಭಾರತ ಕನ್ನಡ ಸಾಹಿತ್ಯ ಸಮ್ಮೇಳನಕ್ಕೆ ಸರ್ಕಾರ ಬಿಡುಗಡೆ ಮಾಡಿದ ಅನುದಾನದ ಲೆಕ್ಕಪತ್ರ ಸಂಪೂರ್ಣ ಪಾರದರ್ಶಕವಾಗಿದೆ ಎಂದು ಹೇಳಿದರು. ಕನ್ನಡ ಸಾಹಿತ್ಯ ಪರಿಷತ್ತಿನ ಕಾರ್ಯಚಟುವಟಿಕೆಗಳ ಕುರಿತು ಕನ್ನಡ ಅಭಿವೃದ್ಧಿ ಪ್ರಾಧಿಕಾರದ ಮಾಜಿ ಅಧ್ಯಕ್ಷ ಎಸ್.ಜಿ.ಸಿದ್ದರಾಮಯ್ಯ ಅವರು ನೀಡಿರುವ ಹೇಳಿಕೆ ಖಂಡನೀಯ ಎಂದು ಜಿಲ್ಲಾ ಕಸಾಪ ಅಧ್ಯಕ್ಷ ನಿಷ್ಠಿರುದ್ರಪ್ಪ ತಿಳಿಸಿದರು. ಮಂಡ್ಯದಲ್ಲಿ ನಡೆದ 87ನೇ ಅಖಿಲ ಭಾರತ ಕನ್ನಡ ಸಾಹಿತ್ಯ ಸಮ್ಮೇಳನಕ್ಕೆ ಸರ್ಕಾರ ಬಿಡುಗಡೆ ಮಾಡಿದ ಅನುದಾನದ ಲೆಕ್ಕಪತ್ರ ಸಂಪೂರ್ಣ ಪಾರದರ್ಶಕವಾಗಿದೆ ಎಂದು ಹೇಳಿದರು.
ಕನ್ನಡ ಸಾಹಿತ್ಯ ಪರಿಷತ್ತಿನ ಕಾರ್ಯಚಟುವಟಿಕೆಗಳ ಕುರಿತು ಕನ್ನಡ ಅಭಿವೃದ್ಧಿ ಪ್ರಾಧಿಕಾರದ ಮಾಜಿ ಅಧ್ಯಕ್ಷ ಎಸ್.ಜಿ.ಸಿದ್ದರಾಮಯ್ಯ ಅವರು ನೀಡಿರುವ ಹೇಳಿಕೆ ಖಂಡನೀಯ ಎಂದು ಜಿಲ್ಲಾ ಕಸಾಪ ಅಧ್ಯಕ್ಷ ನಿಷ್ಠಿರುದ್ರಪ್ಪ ತಿಳಿಸಿದರು. ಮಂಡ್ಯದಲ್ಲಿ ನಡೆದ 87ನೇ ಅಖಿಲ ಭಾರತ ಕನ್ನಡ ಸಾಹಿತ್ಯ ಸಮ್ಮೇಳನಕ್ಕೆ ಸರ್ಕಾರ ಬಿಡುಗಡೆ ಮಾಡಿದ ಅನುದಾನದ ಲೆಕ್ಕಪತ್ರ ಸಂಪೂರ್ಣ ಪಾರದರ್ಶಕವಾಗಿದೆ ಎಂದು ಹೇಳಿದರು. ಕನ್ನಡ ಸಾಹಿತ್ಯ ಪರಿಷತ್ತಿನ ಕಾರ್ಯಚಟುವಟಿಕೆಗಳ ಕುರಿತು ಕನ್ನಡ ಅಭಿವೃದ್ಧಿ ಪ್ರಾಧಿಕಾರದ ಮಾಜಿ ಅಧ್ಯಕ್ಷ ಎಸ್.ಜಿ.ಸಿದ್ದರಾಮಯ್ಯ ಅವರು ನೀಡಿರುವ ಹೇಳಿಕೆ ಖಂಡನೀಯ ಎಂದು ಜಿಲ್ಲಾ ಕಸಾಪ ಅಧ್ಯಕ್ಷ ನಿಷ್ಠಿರುದ್ರಪ್ಪ ತಿಳಿಸಿದರು. ಮಂಡ್ಯದಲ್ಲಿ ನಡೆದ 87ನೇ ಅಖಿಲ ಭಾರತ ಕನ್ನಡ ಸಾಹಿತ್ಯ ಸಮ್ಮೇಳನಕ್ಕೆ ಸರ್ಕಾರ ಬಿಡುಗಡೆ ಮಾಡಿದ ಅನುದಾನದ ಲೆಕ್ಕಪತ್ರ ಸಂಪೂರ್ಣ ಪಾರದರ್ಶಕವಾಗಿದೆ ಎಂದು ಹೇಳಿದರು.
ಕನ್ನಡ ಸಾಹಿತ್ಯ ಪರಿಷತ್ತಿನ ಕಾರ್ಯಚಟುವಟಿಕೆಗಳ ಕುರಿತು ಕನ್ನಡ ಅಭಿವೃದ್ಧಿ ಪ್ರಾಧಿಕಾರದ ಮಾಜಿ ಅಧ್ಯಕ್ಷ ಎಸ್.ಜಿ.ಸಿದ್ದರಾಮಯ್ಯ ಅವರು ನೀಡಿರುವ ಹೇಳಿಕೆ ಖಂಡನೀಯ ಎಂದು ಜಿಲ್ಲಾ ಕಸಾಪ ಅಧ್ಯಕ್ಷ ನಿಷ್ಠಿರುದ್ರಪ್ಪ ತಿಳಿಸಿದರು. ಮಂಡ್ಯದಲ್ಲಿ ನಡೆದ 87ನೇ ಅಖಿಲ ಭಾರತ ಕನ್ನಡ ಸಾಹಿತ್ಯ ಸಮ್ಮೇಳನಕ್ಕೆ ಸರ್ಕಾರ ಬಿಡುಗಡೆ ಮಾಡಿದ ಅನುದಾನದ ಲೆಕ್ಕಪತ್ರ ಸಂಪೂರ್ಣ ಪಾರದರ್ಶಕವಾಗಿದೆ ಎಂದು ಹೇಳಿದರು. ಕನ್ನಡ ಸಾಹಿತ್ಯ ಪರಿಷತ್ತಿನ ಕಾರ್ಯಚಟುವಟಿಕೆಗಳ ಕುರಿತು ಕನ್ನಡ ಅಭಿವೃದ್ಧಿ ಪ್ರಾಧಿಕಾರದ ಮಾಜಿ ಅಧ್ಯಕ್ಷ ಎಸ್.ಜಿ.ಸಿದ್ದರಾಮಯ್ಯ ಅವರು ನೀಡಿರುವ ಹೇಳಿಕೆ ಖಂಡನೀಯ ಎಂದು ಜಿಲ್ಲಾ ಕಸಾಪ ಅಧ್ಯಕ್ಷ ನಿಷ್ಠಿರುದ್ರಪ್ಪ ತಿಳಿಸಿದರು. ಮಂಡ್ಯದಲ್ಲಿ ನಡೆದ 87ನೇ ಅಖಿಲ ಭಾರತ ಕನ್ನಡ ಸಾಹಿತ್ಯ ಸಮ್ಮೇಳನಕ್ಕೆ ಸರ್ಕಾರ ಬಿಡುಗಡೆ ಮಾಡಿದ ಅನುದಾನದ ಲೆಕ್ಕಪತ್ರ ಸಂಪೂರ್ಣ ಪಾರದರ್ಶಕವಾಗಿದೆ ಎಂದು ಹೇಳಿದರು.
Suvarna vaahini Kannada Daily, Owner/Editor : V.Ravi, Published at: ( Responsible for selection of news under the PRB Act), Printed :V.Ravi,
Publication: SHREE SHAILA PRINTERS, opp.Eranna Gudi Road,Eslampura,Gangavathi - 581227. Koppal Dist.Karnataka. RNI NO: KARKAN/2022/82651
